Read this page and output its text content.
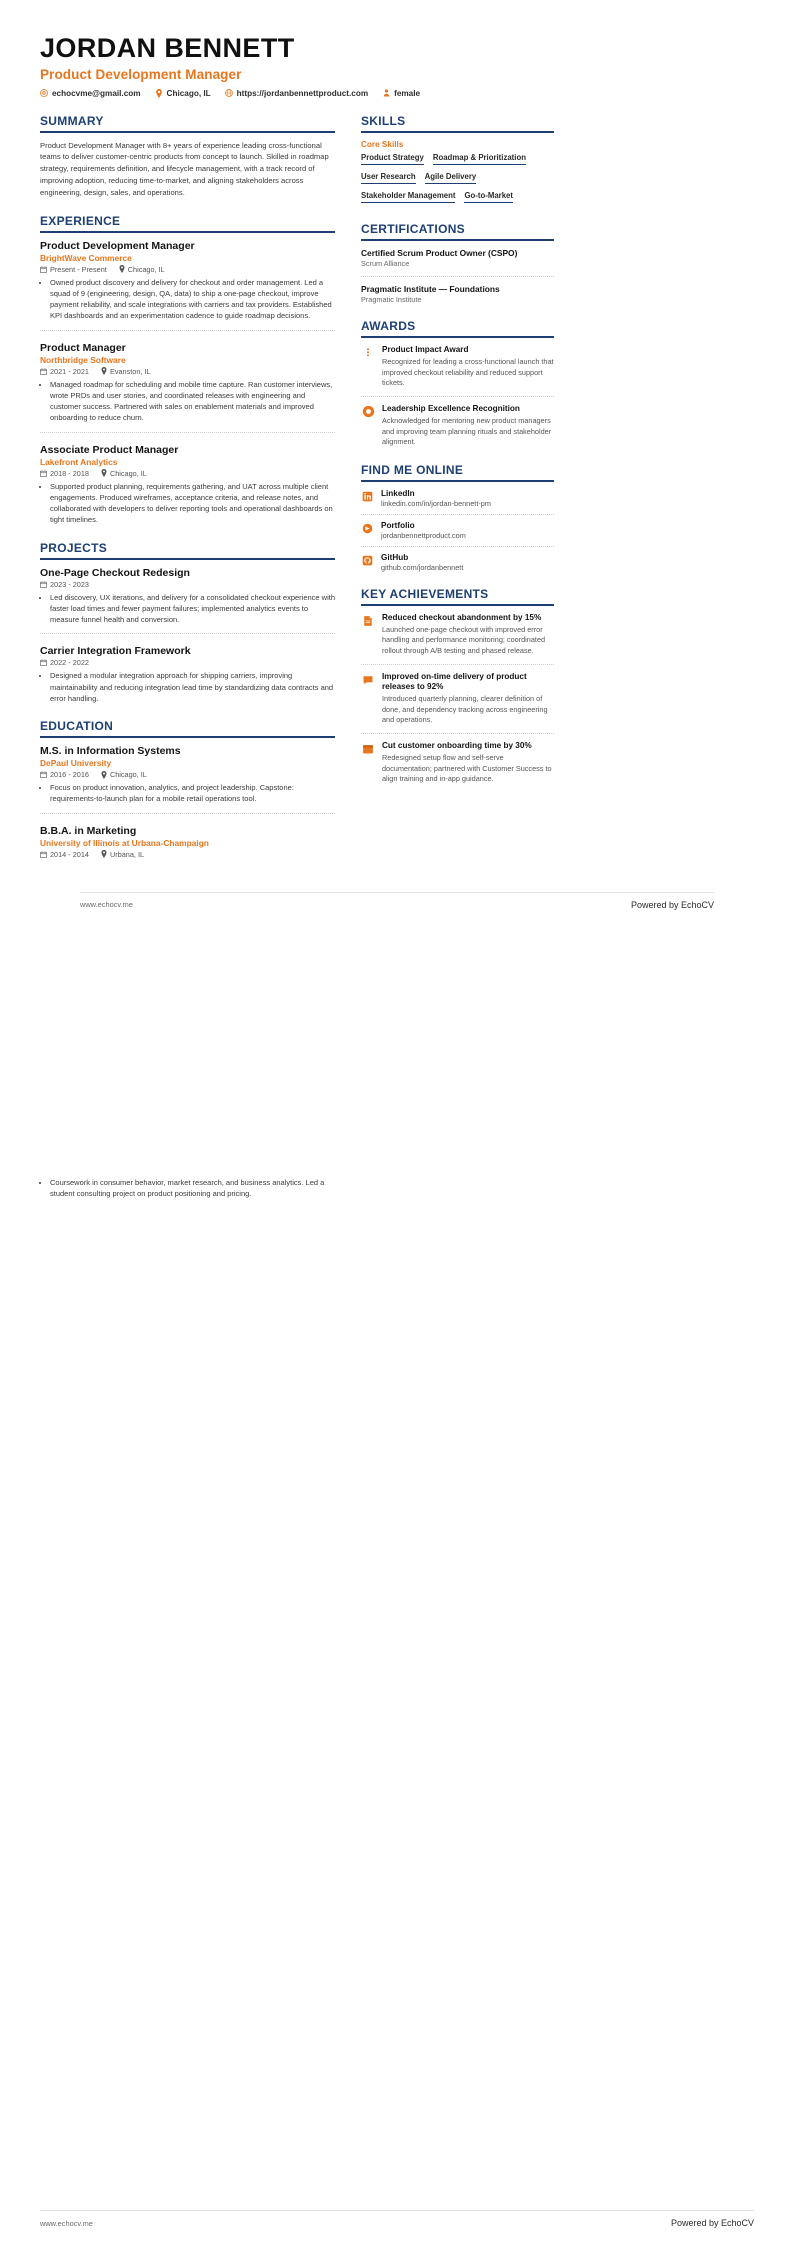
JORDAN BENNETT
Product Development Manager
echocvme@gmail.com	Chicago, IL	https://jordanbennettproduct.com	female
SUMMARY
Product Development Manager with 8+ years of experience leading cross-functional teams to deliver customer-centric products from concept to launch. Skilled in roadmap strategy, requirements definition, and lifecycle management, with a track record of improving adoption, reducing time-to-market, and aligning stakeholders across engineering, design, sales, and operations.
EXPERIENCE
Product Development Manager
BrightWave Commerce
Present - Present	Chicago, IL
• Owned product discovery and delivery for checkout and order management. Led a squad of 9 (engineering, design, QA, data) to ship a one-page checkout, improve payment reliability, and scale integrations with carriers and tax providers. Established KPI dashboards and an experimentation cadence to guide roadmap decisions.
Product Manager
Northbridge Software
2021 - 2021	Evanston, IL
• Managed roadmap for scheduling and mobile time capture. Ran customer interviews, wrote PRDs and user stories, and coordinated releases with engineering and customer success. Partnered with sales on enablement materials and improved onboarding to reduce churn.
Associate Product Manager
Lakefront Analytics
2018 - 2018	Chicago, IL
• Supported product planning, requirements gathering, and UAT across multiple client engagements. Produced wireframes, acceptance criteria, and release notes, and collaborated with developers to deliver reporting tools and operational dashboards on tight timelines.
PROJECTS
One-Page Checkout Redesign
2023 - 2023
• Led discovery, UX iterations, and delivery for a consolidated checkout experience with faster load times and fewer payment failures; implemented analytics events to measure funnel health and conversion.
Carrier Integration Framework
2022 - 2022
• Designed a modular integration approach for shipping carriers, improving maintainability and reducing integration lead time by standardizing data contracts and error handling.
EDUCATION
M.S. in Information Systems
DePaul University
2016 - 2016	Chicago, IL
• Focus on product innovation, analytics, and project leadership. Capstone: requirements-to-launch plan for a mobile retail operations tool.
B.B.A. in Marketing
University of Illinois at Urbana-Champaign
2014 - 2014	Urbana, IL
SKILLS
Core Skills
Product Strategy Roadmap & Prioritization
User Research Agile Delivery
Stakeholder Management Go-to-Market
CERTIFICATIONS
Certified Scrum Product Owner (CSPO)
Scrum Alliance
Pragmatic Institute — Foundations
Pragmatic Institute
AWARDS
Product Impact Award
Recognized for leading a cross-functional launch that improved checkout reliability and reduced support tickets.
Leadership Excellence Recognition
Acknowledged for mentoring new product managers and improving team planning rituals and stakeholder alignment.
FIND ME ONLINE
LinkedIn
linkedin.com/in/jordan-bennett-pm
Portfolio
jordanbennettproduct.com
GitHub
github.com/jordanbennett
KEY ACHIEVEMENTS
Reduced checkout abandonment by 15%
Launched one-page checkout with improved error handling and performance monitoring; coordinated rollout through A/B testing and phased release.
Improved on-time delivery of product releases to 92%
Introduced quarterly planning, clearer definition of done, and dependency tracking across engineering and operations.
Cut customer onboarding time by 30%
Redesigned setup flow and self-serve documentation; partnered with Customer Success to align training and in-app guidance.
www.echocv.me	Powered by EchoCV
• Coursework in consumer behavior, market research, and business analytics. Led a student consulting project on product positioning and pricing.
www.echocv.me	Powered by EchoCV
